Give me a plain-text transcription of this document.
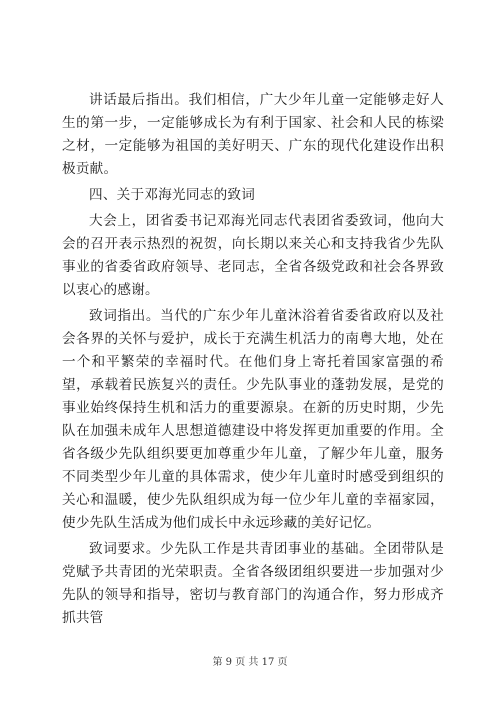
讲话最后指出。我们相信，广大少年儿童一定能够走好人生的第一步，一定能够成长为有利于国家、社会和人民的栋梁之材，一定能够为祖国的美好明天、广东的现代化建设作出积极贡献。

四、关于邓海光同志的致词

大会上，团省委书记邓海光同志代表团省委致词，他向大会的召开表示热烈的祝贺，向长期以来关心和支持我省少先队事业的省委省政府领导、老同志，全省各级党政和社会各界致以衷心的感谢。

致词指出。当代的广东少年儿童沐浴着省委省政府以及社会各界的关怀与爱护，成长于充满生机活力的南粤大地，处在一个和平繁荣的幸福时代。在他们身上寄托着国家富强的希望，承载着民族复兴的责任。少先队事业的蓬勃发展，是党的事业始终保持生机和活力的重要源泉。在新的历史时期，少先队在加强未成年人思想道德建设中将发挥更加重要的作用。全省各级少先队组织要更加尊重少年儿童，了解少年儿童，服务不同类型少年儿童的具体需求，使少年儿童时时感受到组织的关心和温暖，使少先队组织成为每一位少年儿童的幸福家园，使少先队生活成为他们成长中永远珍藏的美好记忆。

致词要求。少先队工作是共青团事业的基础。全团带队是党赋予共青团的光荣职责。全省各级团组织要进一步加强对少先队的领导和指导，密切与教育部门的沟通合作，努力形成齐抓共管

第 9 页 共 17 页
